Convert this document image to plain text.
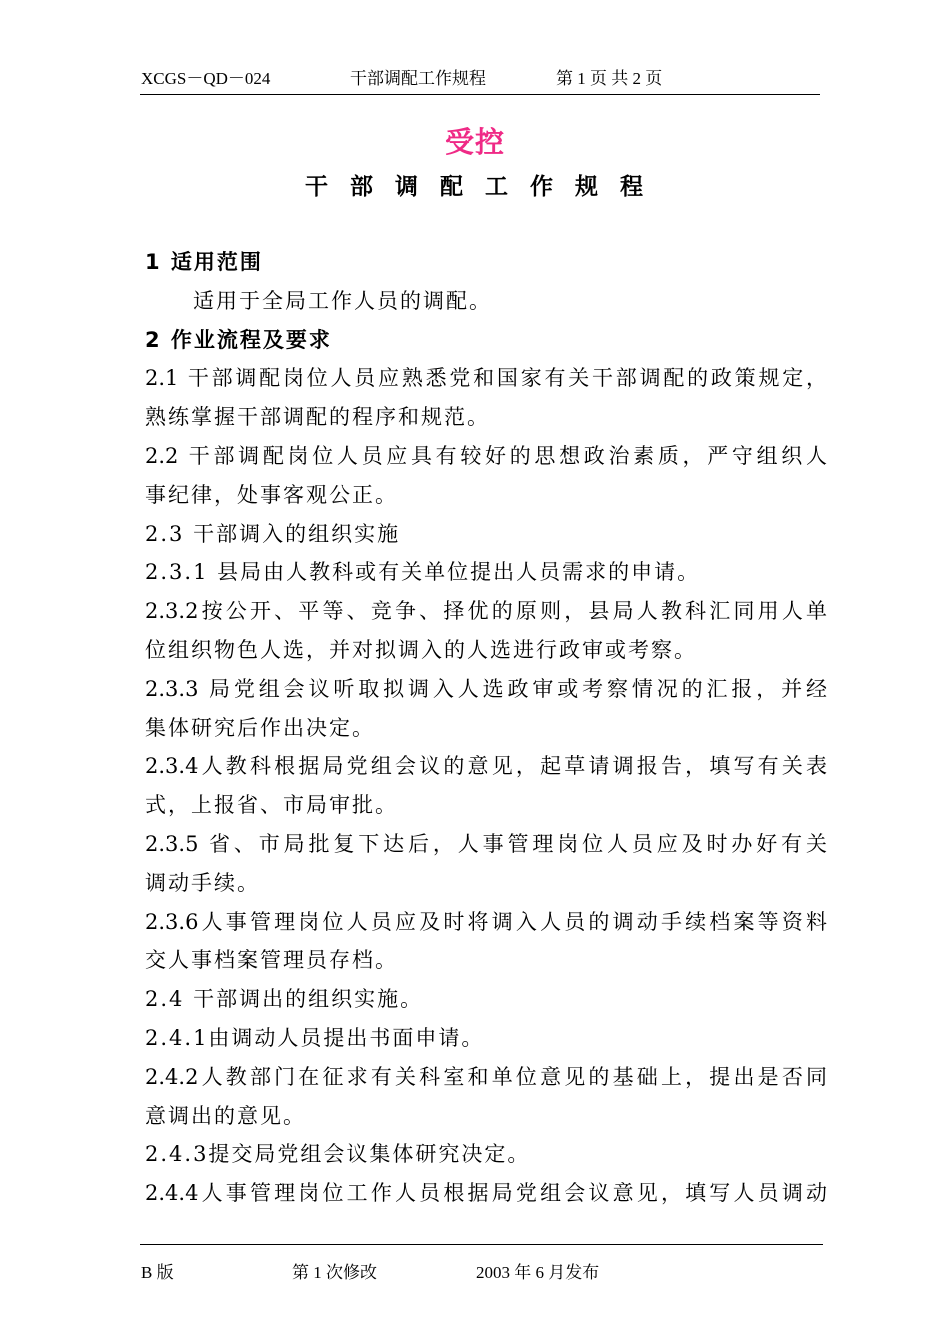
XCGS－QD－024	干部调配工作规程	第 1 页 共 2 页
受控
干部调配工作规程
1 适用范围
适用于全局工作人员的调配。
2 作业流程及要求
2.1 干部调配岗位人员应熟悉党和国家有关干部调配的政策规定，
熟练掌握干部调配的程序和规范。
2.2 干部调配岗位人员应具有较好的思想政治素质，严守组织人
事纪律，处事客观公正。
2.3 干部调入的组织实施
2.3.1 县局由人教科或有关单位提出人员需求的申请。
2.3.2按公开、平等、竞争、择优的原则，县局人教科汇同用人单
位组织物色人选，并对拟调入的人选进行政审或考察。
2.3.3 局党组会议听取拟调入人选政审或考察情况的汇报，并经
集体研究后作出决定。
2.3.4人教科根据局党组会议的意见，起草请调报告，填写有关表
式，上报省、市局审批。
2.3.5 省、市局批复下达后，人事管理岗位人员应及时办好有关
调动手续。
2.3.6人事管理岗位人员应及时将调入人员的调动手续档案等资料
交人事档案管理员存档。
2.4 干部调出的组织实施。
2.4.1由调动人员提出书面申请。
2.4.2人教部门在征求有关科室和单位意见的基础上，提出是否同
意调出的意见。
2.4.3提交局党组会议集体研究决定。
2.4.4人事管理岗位工作人员根据局党组会议意见，填写人员调动
B 版	第 1 次修改	2003 年 6 月发布
